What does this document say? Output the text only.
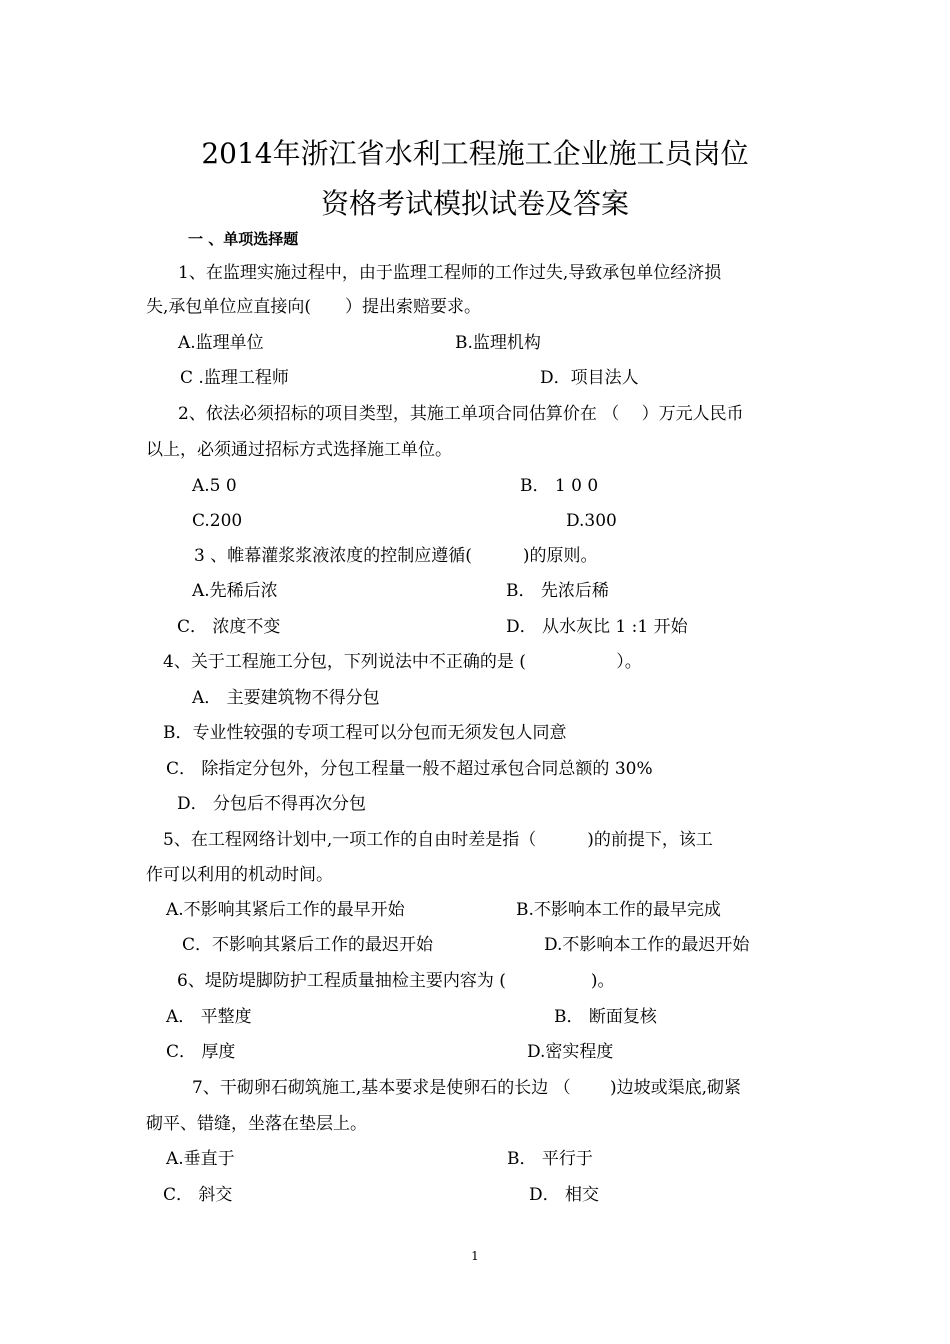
2014年浙江省水利工程施工企业施工员岗位
资格考试模拟试卷及答案
一 、单项选择题
1、在监理实施过程中，由于监理工程师的工作过失,导致承包单位经济损
失,承包单位应直接向(　　）提出索赔要求。
A.监理单位	B.监理机构
C .监理工程师	D．项目法人
2、依法必须招标的项目类型，其施工单项合同估算价在 （　 ）万元人民币
以上，必须通过招标方式选择施工单位。
A.5 0	B． 1 0 0
C.200	D.300
3 、帷幕灌浆浆液浓度的控制应遵循(　　　)的原则。
A.先稀后浓	B． 先浓后稀
C． 浓度不变	D． 从水灰比 1 :1 开始
4、关于工程施工分包，下列说法中不正确的是 (　　　　　 ）。
A． 主要建筑物不得分包
B．专业性较强的专项工程可以分包而无须发包人同意
C． 除指定分包外，分包工程量一般不超过承包合同总额的 30%
D． 分包后不得再次分包
5、在工程网络计划中,一项工作的自由时差是指（　　　)的前提下，该工
作可以利用的机动时间。
A.不影响其紧后工作的最早开始	B.不影响本工作的最早完成
C．不影响其紧后工作的最迟开始	D.不影响本工作的最迟开始
6、堤防堤脚防护工程质量抽检主要内容为 (　　　　　)。
A． 平整度	B． 断面复核
C． 厚度	D.密实程度
7、干砌卵石砌筑施工,基本要求是使卵石的长边 （　　 )边坡或渠底,砌紧
砌平、错缝，坐落在垫层上。
A.垂直于	B． 平行于
C． 斜交	D． 相交
1
